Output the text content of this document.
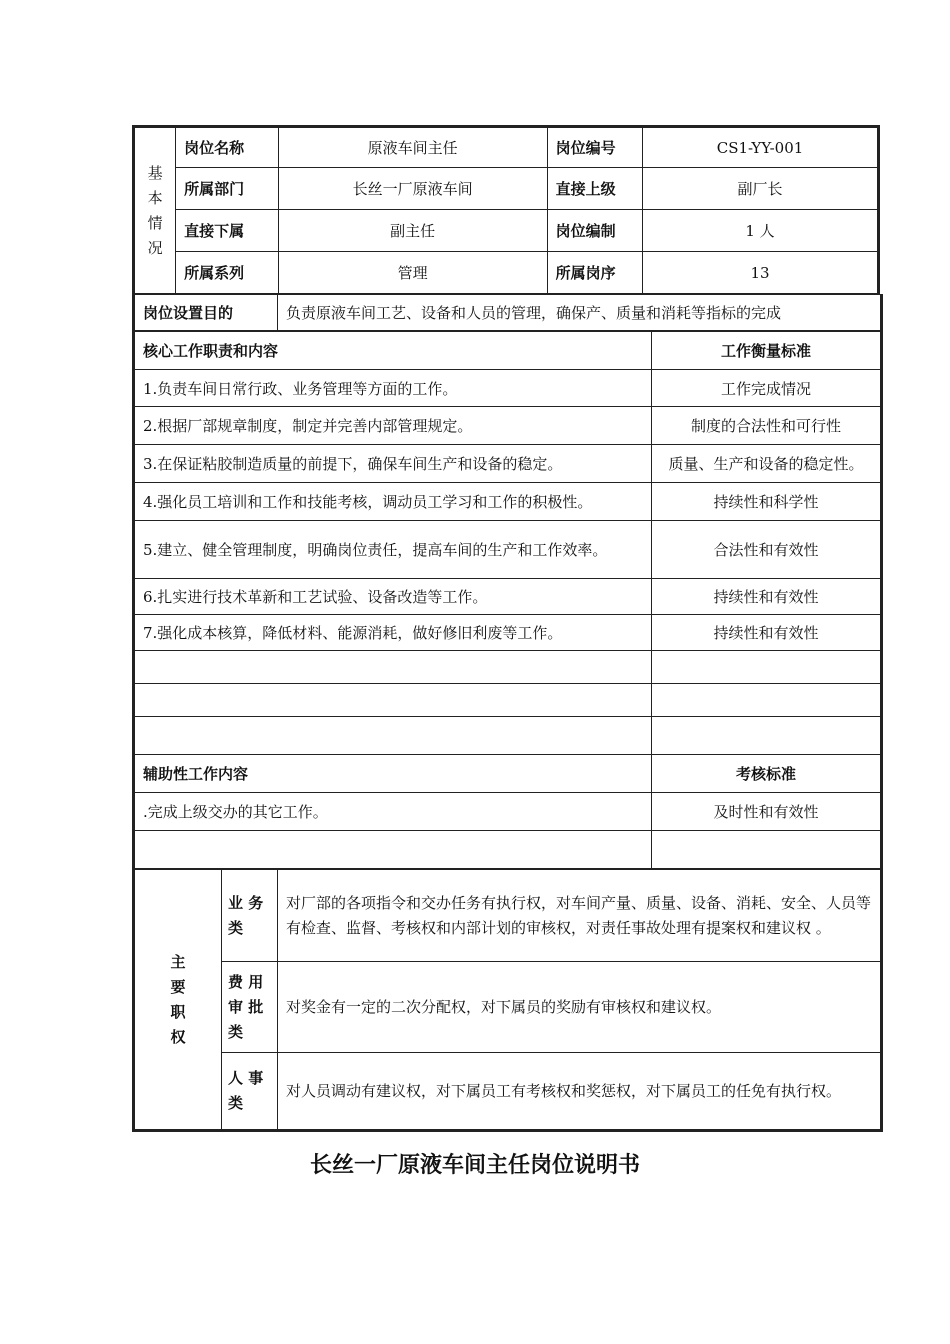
基
本
情
况	岗位名称	原液车间主任	岗位编号	CS1-YY-001
	所属部门	长丝一厂原液车间	直接上级	副厂长
	直接下属	副主任	岗位编制	1 人
	所属系列	管理	所属岗序	13
岗位设置目的	负责原液车间工艺、设备和人员的管理，确保产、质量和消耗等指标的完成
核心工作职责和内容	工作衡量标准
1.负责车间日常行政、业务管理等方面的工作。	工作完成情况
2.根据厂部规章制度，制定并完善内部管理规定。	制度的合法性和可行性
3.在保证粘胶制造质量的前提下，确保车间生产和设备的稳定。	质量、生产和设备的稳定性。
4.强化员工培训和工作和技能考核，调动员工学习和工作的积极性。	持续性和科学性
5.建立、健全管理制度，明确岗位责任，提高车间的生产和工作效率。	合法性和有效性
6.扎实进行技术革新和工艺试验、设备改造等工作。	持续性和有效性
7.强化成本核算，降低材料、能源消耗，做好修旧利废等工作。	持续性和有效性

辅助性工作内容	考核标准
.完成上级交办的其它工作。	及时性和有效性

主
要
职
权	业 务 类	对厂部的各项指令和交办任务有执行权，对车间产量、质量、设备、消耗、安全、人员等有检查、监督、考核权和内部计划的审核权，对责任事故处理有提案权和建议权 。
	费 用 审 批 类	对奖金有一定的二次分配权，对下属员的奖励有审核权和建议权。
	人 事 类	对人员调动有建议权，对下属员工有考核权和奖惩权，对下属员工的任免有执行权。
长丝一厂原液车间主任岗位说明书
